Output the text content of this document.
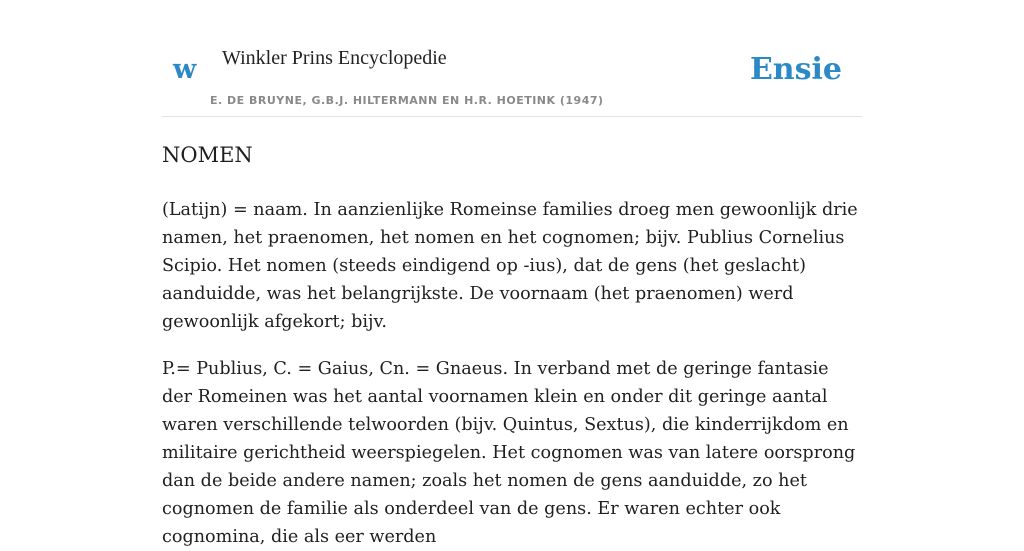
w Winkler Prins Encyclopedie
E. DE BRUYNE, G.B.J. HILTERMANN EN H.R. HOETINK (1947)
Ensie
NOMEN

(Latijn) = naam. In aanzienlijke Romeinse families droeg men gewoonlijk drie namen, het praenomen, het nomen en het cognomen; bijv. Publius Cornelius Scipio. Het nomen (steeds eindigend op -ius), dat de gens (het geslacht) aanduidde, was het belangrijkste. De voornaam (het praenomen) werd gewoonlijk afgekort; bijv.

P.= Publius, C. = Gaius, Cn. = Gnaeus. In verband met de geringe fantasie der Romeinen was het aantal voornamen klein en onder dit geringe aantal waren verschillende telwoorden (bijv. Quintus, Sextus), die kinderrijkdom en militaire gerichtheid weerspiegelen. Het cognomen was van latere oorsprong dan de beide andere namen; zoals het nomen de gens aanduidde, zo het cognomen de familie als onderdeel van de gens. Er waren echter ook cognomina, die als eer werden
